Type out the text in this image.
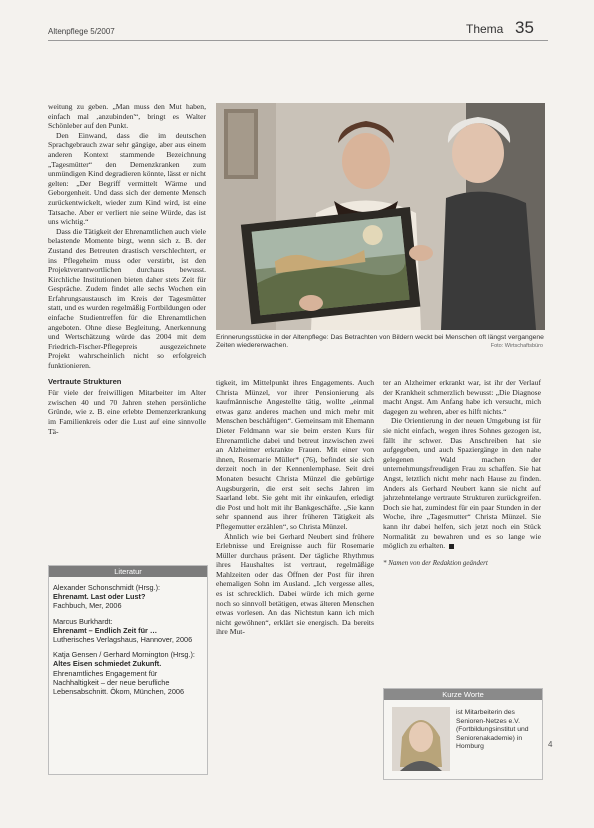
Altenpflege 5/2007	Thema 35

weitung zu geben. „Man muss den Mut haben, einfach mal ‚anzubinden'“, bringt es Walter Schönleber auf den Punkt.

Den Einwand, dass die im deutschen Sprachgebrauch zwar sehr gängige, aber aus einem anderen Kontext stammende Bezeichnung „Tagesmütter“ den Demenzkranken zum unmündigen Kind degradieren könnte, lässt er nicht gelten: „Der Begriff vermittelt Wärme und Geborgenheit. Und dass sich der demente Mensch zurückentwickelt, wieder zum Kind wird, ist eine Tatsache. Aber er verliert nie seine Würde, das ist uns wichtig.“

Dass die Tätigkeit der Ehrenamtlichen auch viele belastende Momente birgt, wenn sich z. B. der Zustand des Betreuten drastisch verschlechtert, er ins Pflegeheim muss oder verstirbt, ist den Projektverantwortlichen durchaus bewusst. Kirchliche Institutionen bieten daher stets Zeit für Gespräche. Zudem findet alle sechs Wochen ein Erfahrungsaustausch im Kreis der Tagesmütter statt, und es wurden regelmäßig Fortbildungen oder einfache Studientreffen für die Ehrenamtlichen angeboten. Ohne diese Begleitung, Anerkennung und Wertschätzung würde das 2004 mit dem Friedrich-Fischer-Pflegepreis ausgezeichnete Projekt wahrscheinlich nicht so erfolgreich funktionieren.

Vertraute Strukturen

Für viele der freiwilligen Mitarbeiter im Alter zwischen 40 und 70 Jahren stehen persönliche Gründe, wie z. B. eine erlebte Demenzerkrankung im Familienkreis oder die Lust auf eine sinnvolle Tä-

Literatur
Alexander Schonschmidt (Hrsg.):
Ehrenamt. Last oder Lust?
Fachbuch, Mer, 2006
Marcus Burkhardt:
Ehrenamt – Endlich Zeit für …
Lutherisches Verlagshaus, Hannover, 2006
Katja Gensen / Gerhard Mornington (Hrsg.):
Altes Eisen schmiedet Zukunft.
Ehrenamtliches Engagement für Nachhaltigkeit – der neue berufliche Lebensabschnitt. Ökom, München, 2006
Erinnerungsstücke in der Altenpflege: Das Betrachten von Bildern weckt bei Menschen oft längst vergangene Zeiten wiedererwachen.	Foto: Wirtschaftsbüro

tigkeit, im Mittelpunkt ihres Engagements. Auch Christa Münzel, vor ihrer Pensionierung als kaufmännische Angestellte tätig, wollte „einmal etwas ganz anderes machen und mich mehr mit Menschen beschäftigen“. Gemeinsam mit Ehemann Dieter Feldmann war sie beim ersten Kurs für Ehrenamtliche dabei und betreut inzwischen zwei an Alzheimer erkrankte Frauen. Mit einer von ihnen, Rosemarie Müller* (76), befindet sie sich derzeit noch in der Kennenlernphase. Seit drei Monaten besucht Christa Münzel die gebürtige Augsburgerin, die erst seit sechs Jahren im Saarland lebt. Sie geht mit ihr einkaufen, erledigt die Post und holt mit ihr Bankgeschäfte. „Sie kann sehr spannend aus ihrer früheren Tätigkeit als Pflegemutter erzählen“, so Christa Münzel.

Ähnlich wie bei Gerhard Neubert sind frühere Erlebnisse und Ereignisse auch für Rosemarie Müller durchaus präsent. Der tägliche Rhythmus ihres Haushaltes ist vertraut, regelmäßige Mahlzeiten oder das Öffnen der Post für ihren ehemaligen Sohn im Ausland. „Ich vergesse alles, es ist schrecklich. Dabei würde ich mich gerne noch so sinnvoll betätigen, etwas älteren Menschen etwas vorlesen. An das Nichtstun kann ich mich nicht gewöhnen“, erklärt sie energisch. Da bereits ihre Mut-

ter an Alzheimer erkrankt war, ist ihr der Verlauf der Krankheit schmerzlich bewusst: „Die Diagnose macht Angst. Am Anfang habe ich versucht, mich dagegen zu wehren, aber es hilft nichts.“

Die Orientierung in der neuen Umgebung ist für sie nicht einfach, wegen ihres Sohnes gezogen ist, fällt ihr schwer. Das Anschreiben hat sie aufgegeben, und auch Spaziergänge in den nahe gelegenen Wald machen der unternehmungsfreudigen Frau zu schaffen. Sie hat Angst, letztlich nicht mehr nach Hause zu finden. Anders als Gerhard Neubert kann sie nicht auf jahrzehntelange vertraute Strukturen zurückgreifen. Doch sie hat, zumindest für ein paar Stunden in der Woche, ihre „Tagesmutter“ Christa Münzel. Sie kann ihr dabei helfen, sich jetzt noch ein Stück Normalität zu bewahren und es so lange wie möglich zu erhalten.

* Namen von der Redaktion geändert

Kurze Worte
ist Mitarbeiterin des Senioren-Netzes e.V. (Fortbildungsinstitut und Seniorenakademie) in Homburg	4
